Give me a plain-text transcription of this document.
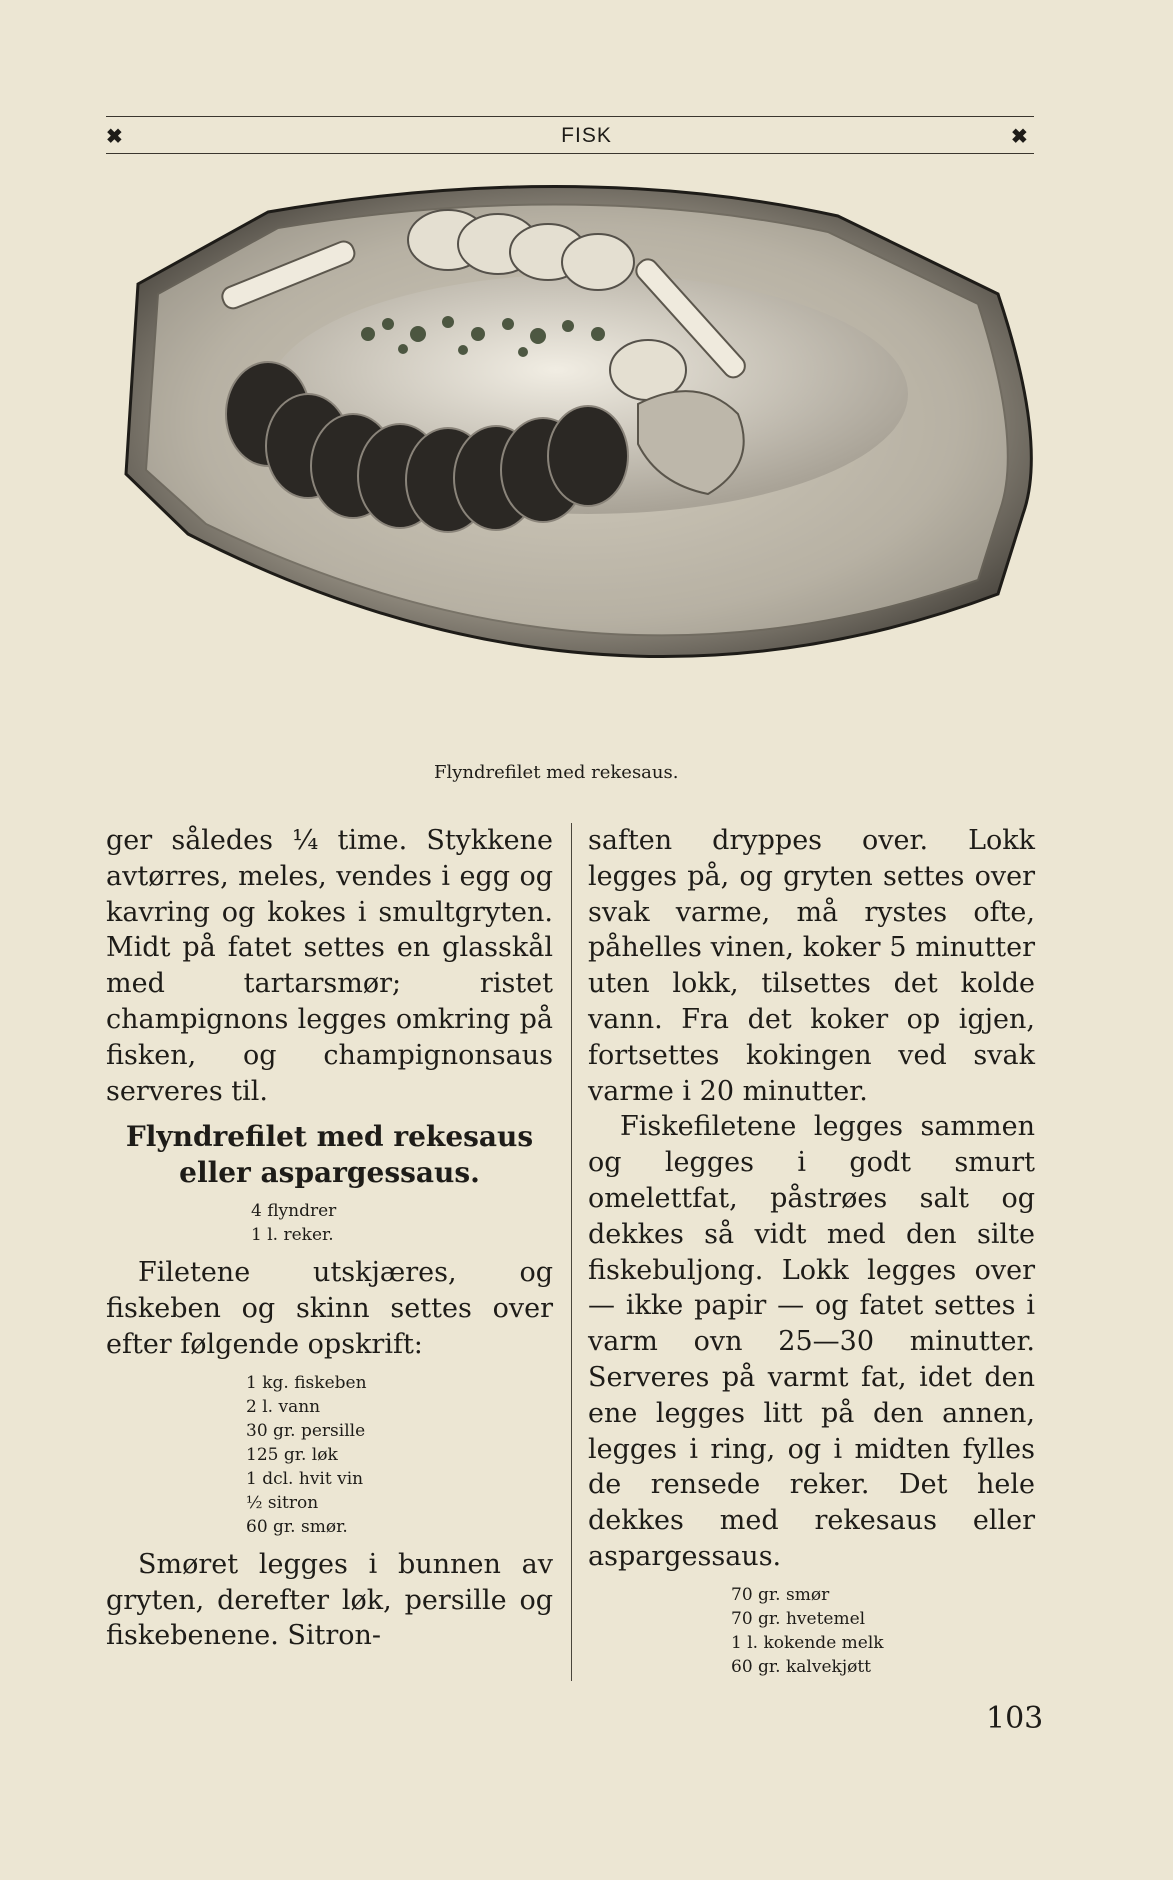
✖	FISK	✖
Flyndrefilet med rekesaus.

ger således ¼ time. Stykkene avtørres, meles, vendes i egg og kavring og kokes i smultgryten. Midt på fatet settes en glasskål med tartarsmør; ristet champignons legges omkring på fisken, og champignonsaus serveres til.

Flyndrefilet med rekesaus
eller aspargessaus.
4 flyndrer
1 l. reker.

Filetene utskjæres, og fiskeben og skinn settes over efter følgende opskrift:

1 kg. fiskeben
2 l. vann
30 gr. persille
125 gr. løk
1 dcl. hvit vin
½ sitron
60 gr. smør.

Smøret legges i bunnen av gryten, derefter løk, persille og fiskebenene. Sitron-

saften dryppes over. Lokk legges på, og gryten settes over svak varme, må rystes ofte, påhelles vinen, koker 5 minutter uten lokk, tilsettes det kolde vann. Fra det koker op igjen, fortsettes kokingen ved svak varme i 20 minutter.

Fiskefiletene legges sammen og legges i godt smurt omelettfat, påstrøes salt og dekkes så vidt med den silte fiskebuljong. Lokk legges over — ikke papir — og fatet settes i varm ovn 25—30 minutter. Serveres på varmt fat, idet den ene legges litt på den annen, legges i ring, og i midten fylles de rensede reker. Det hele dekkes med rekesaus eller aspargessaus.

70 gr. smør
70 gr. hvetemel
1 l. kokende melk
60 gr. kalvekjøtt
103
